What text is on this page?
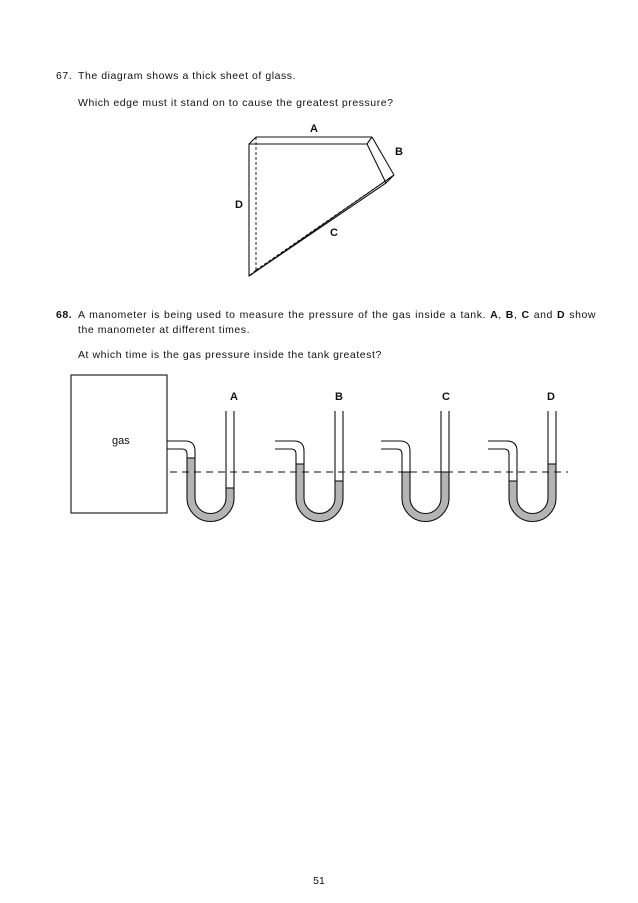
67. The diagram shows a thick sheet of glass.
Which edge must it stand on to cause the greatest pressure?
A
B
C
D
68. A manometer is being used to measure the pressure of the gas inside a tank. A, B, C and D show the manometer at different times.
At which time is the gas pressure inside the tank greatest?
gas
A	B	C	D
51
